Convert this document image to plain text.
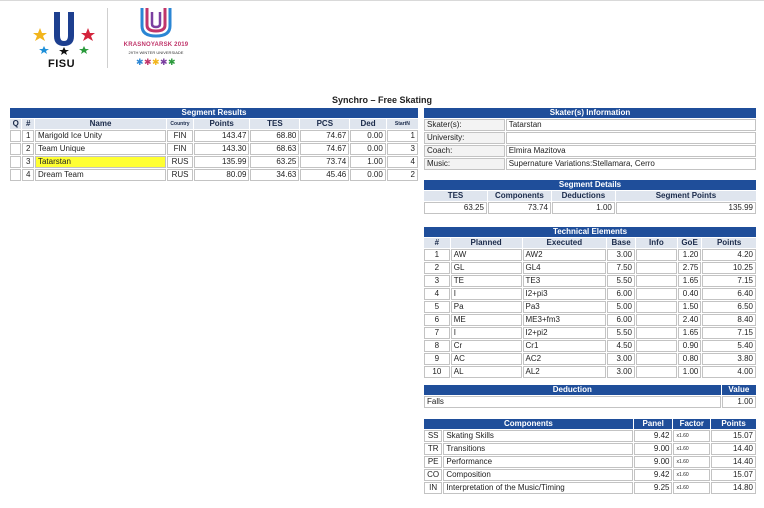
FISU
KRASNOYARSK 2019
29TH WINTER UNIVERSIADE
✱ ✱ ✱ ✱ ✱
Synchro – Free Skating
Segment Results								
Q	#	Name	Country	Points	TES	PCS	Ded	StartN
	1	Marigold Ice Unity	FIN	143.47	68.80	74.67	0.00	1
	2	Team Unique	FIN	143.30	68.63	74.67	0.00	3
	3	Tatarstan	RUS	135.99	63.25	73.74	1.00	4
	4	Dream Team	RUS	80.09	34.63	45.46	0.00	2
Skater(s) Information	
Skater(s):	Tatarstan
University:	
Coach:	Elmira Mazitova
Music:	Supernature Variations:Stellamara, Cerro
Segment Details			
TES	Components	Deductions	Segment Points
63.25	73.74	1.00	135.99
Technical Elements						
#	Planned	Executed	Base	Info	GoE	Points
1	AW	AW2	3.00		1.20	4.20
2	GL	GL4	7.50		2.75	10.25
3	TE	TE3	5.50		1.65	7.15
4	I	I2+pi3	6.00		0.40	6.40
5	Pa	Pa3	5.00		1.50	6.50
6	ME	ME3+fm3	6.00		2.40	8.40
7	I	I2+pi2	5.50		1.65	7.15
8	Cr	Cr1	4.50		0.90	5.40
9	AC	AC2	3.00		0.80	3.80
10	AL	AL2	3.00		1.00	4.00
Deduction	Value
Falls	1.00
Components		Panel	Factor	Points
SS	Skating Skills	9.42	x1.60	15.07
TR	Transitions	9.00	x1.60	14.40
PE	Performance	9.00	x1.60	14.40
CO	Composition	9.42	x1.60	15.07
IN	Interpretation of the Music/Timing	9.25	x1.60	14.80
